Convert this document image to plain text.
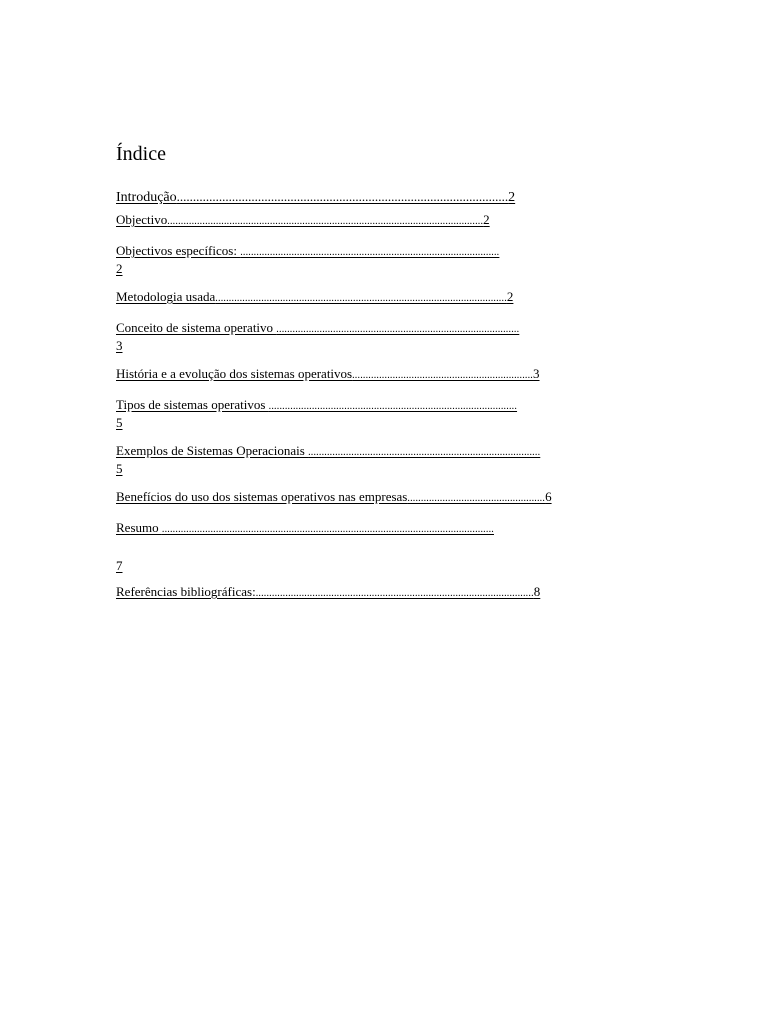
Índice
Introdução......................................................................................................2
Objectivo.....................................................................................................................2
Objectivos específicos: ................................................................................................
2
Metodologia usada............................................................................................................2
Conceito de sistema operativo ..........................................................................................
3
História e a evolução dos sistemas operativos...................................................................3
Tipos de sistemas operativos ............................................................................................
5
Exemplos de Sistemas Operacionais ......................................................................................
5
Benefícios do uso dos sistemas operativos nas empresas...................................................6
Resumo ...........................................................................................................................
7
Referências bibliográficas:.......................................................................................................8
